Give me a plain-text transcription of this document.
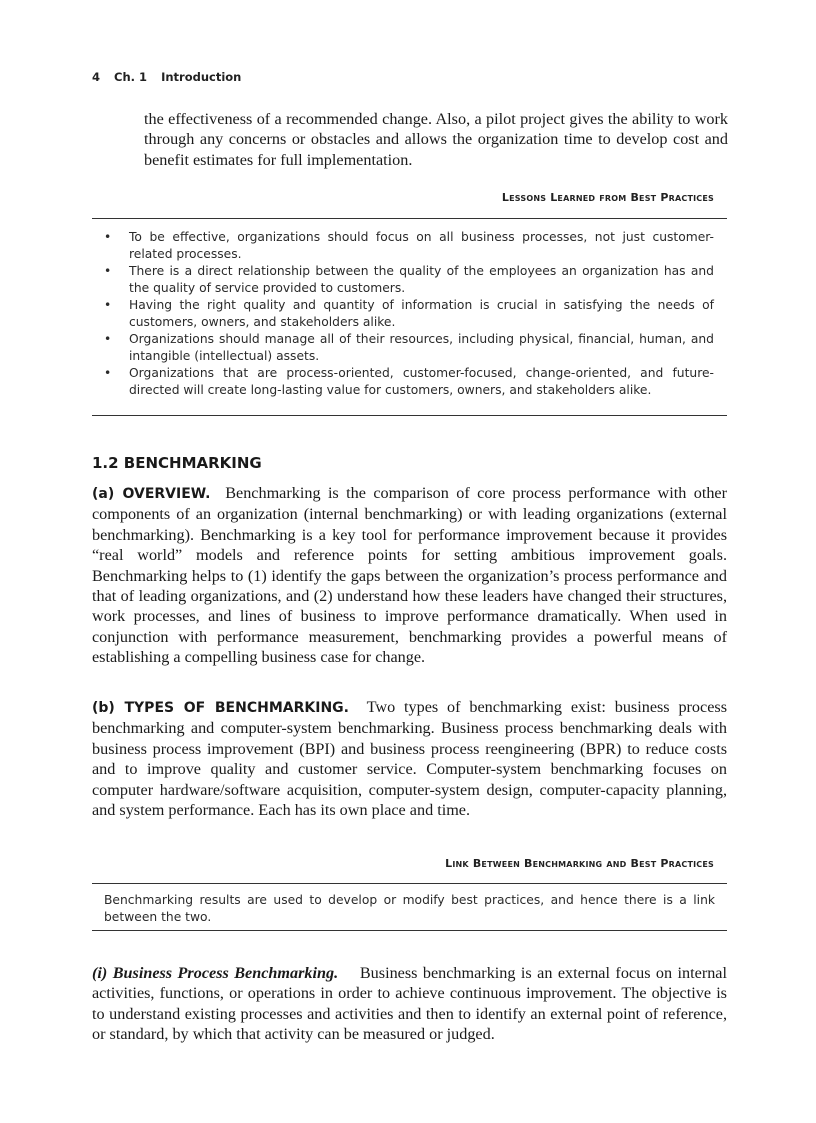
4 Ch. 1 Introduction

the effectiveness of a recommended change. Also, a pilot project gives the ability to work through any concerns or obstacles and allows the organization time to develop cost and benefit estimates for full implementation.

Lessons Learned from Best Practices
• To be effective, organizations should focus on all business processes, not just customer-related processes.
• There is a direct relationship between the quality of the employees an organization has and the quality of service provided to customers.
• Having the right quality and quantity of information is crucial in satisfying the needs of customers, owners, and stakeholders alike.
• Organizations should manage all of their resources, including physical, financial, human, and intangible (intellectual) assets.
• Organizations that are process-oriented, customer-focused, change-oriented, and future-directed will create long-lasting value for customers, owners, and stakeholders alike.
1.2 BENCHMARKING

(a) OVERVIEW. Benchmarking is the comparison of core process performance with other components of an organization (internal benchmarking) or with leading organizations (external benchmarking). Benchmarking is a key tool for performance improvement because it provides “real world” models and reference points for setting ambitious improvement goals. Benchmarking helps to (1) identify the gaps between the organization’s process performance and that of leading organizations, and (2) understand how these leaders have changed their structures, work processes, and lines of business to improve performance dramatically. When used in conjunction with performance measurement, benchmarking provides a powerful means of establishing a compelling business case for change.

(b) TYPES OF BENCHMARKING. Two types of benchmarking exist: business process benchmarking and computer-system benchmarking. Business process benchmarking deals with business process improvement (BPI) and business process reengineering (BPR) to reduce costs and to improve quality and customer service. Computer-system benchmarking focuses on computer hardware/software acquisition, computer-system design, computer-capacity planning, and system performance. Each has its own place and time.

Link Between Benchmarking and Best Practices

Benchmarking results are used to develop or modify best practices, and hence there is a link between the two.

(i) Business Process Benchmarking. Business benchmarking is an external focus on internal activities, functions, or operations in order to achieve continuous improvement. The objective is to understand existing processes and activities and then to identify an external point of reference, or standard, by which that activity can be measured or judged.
